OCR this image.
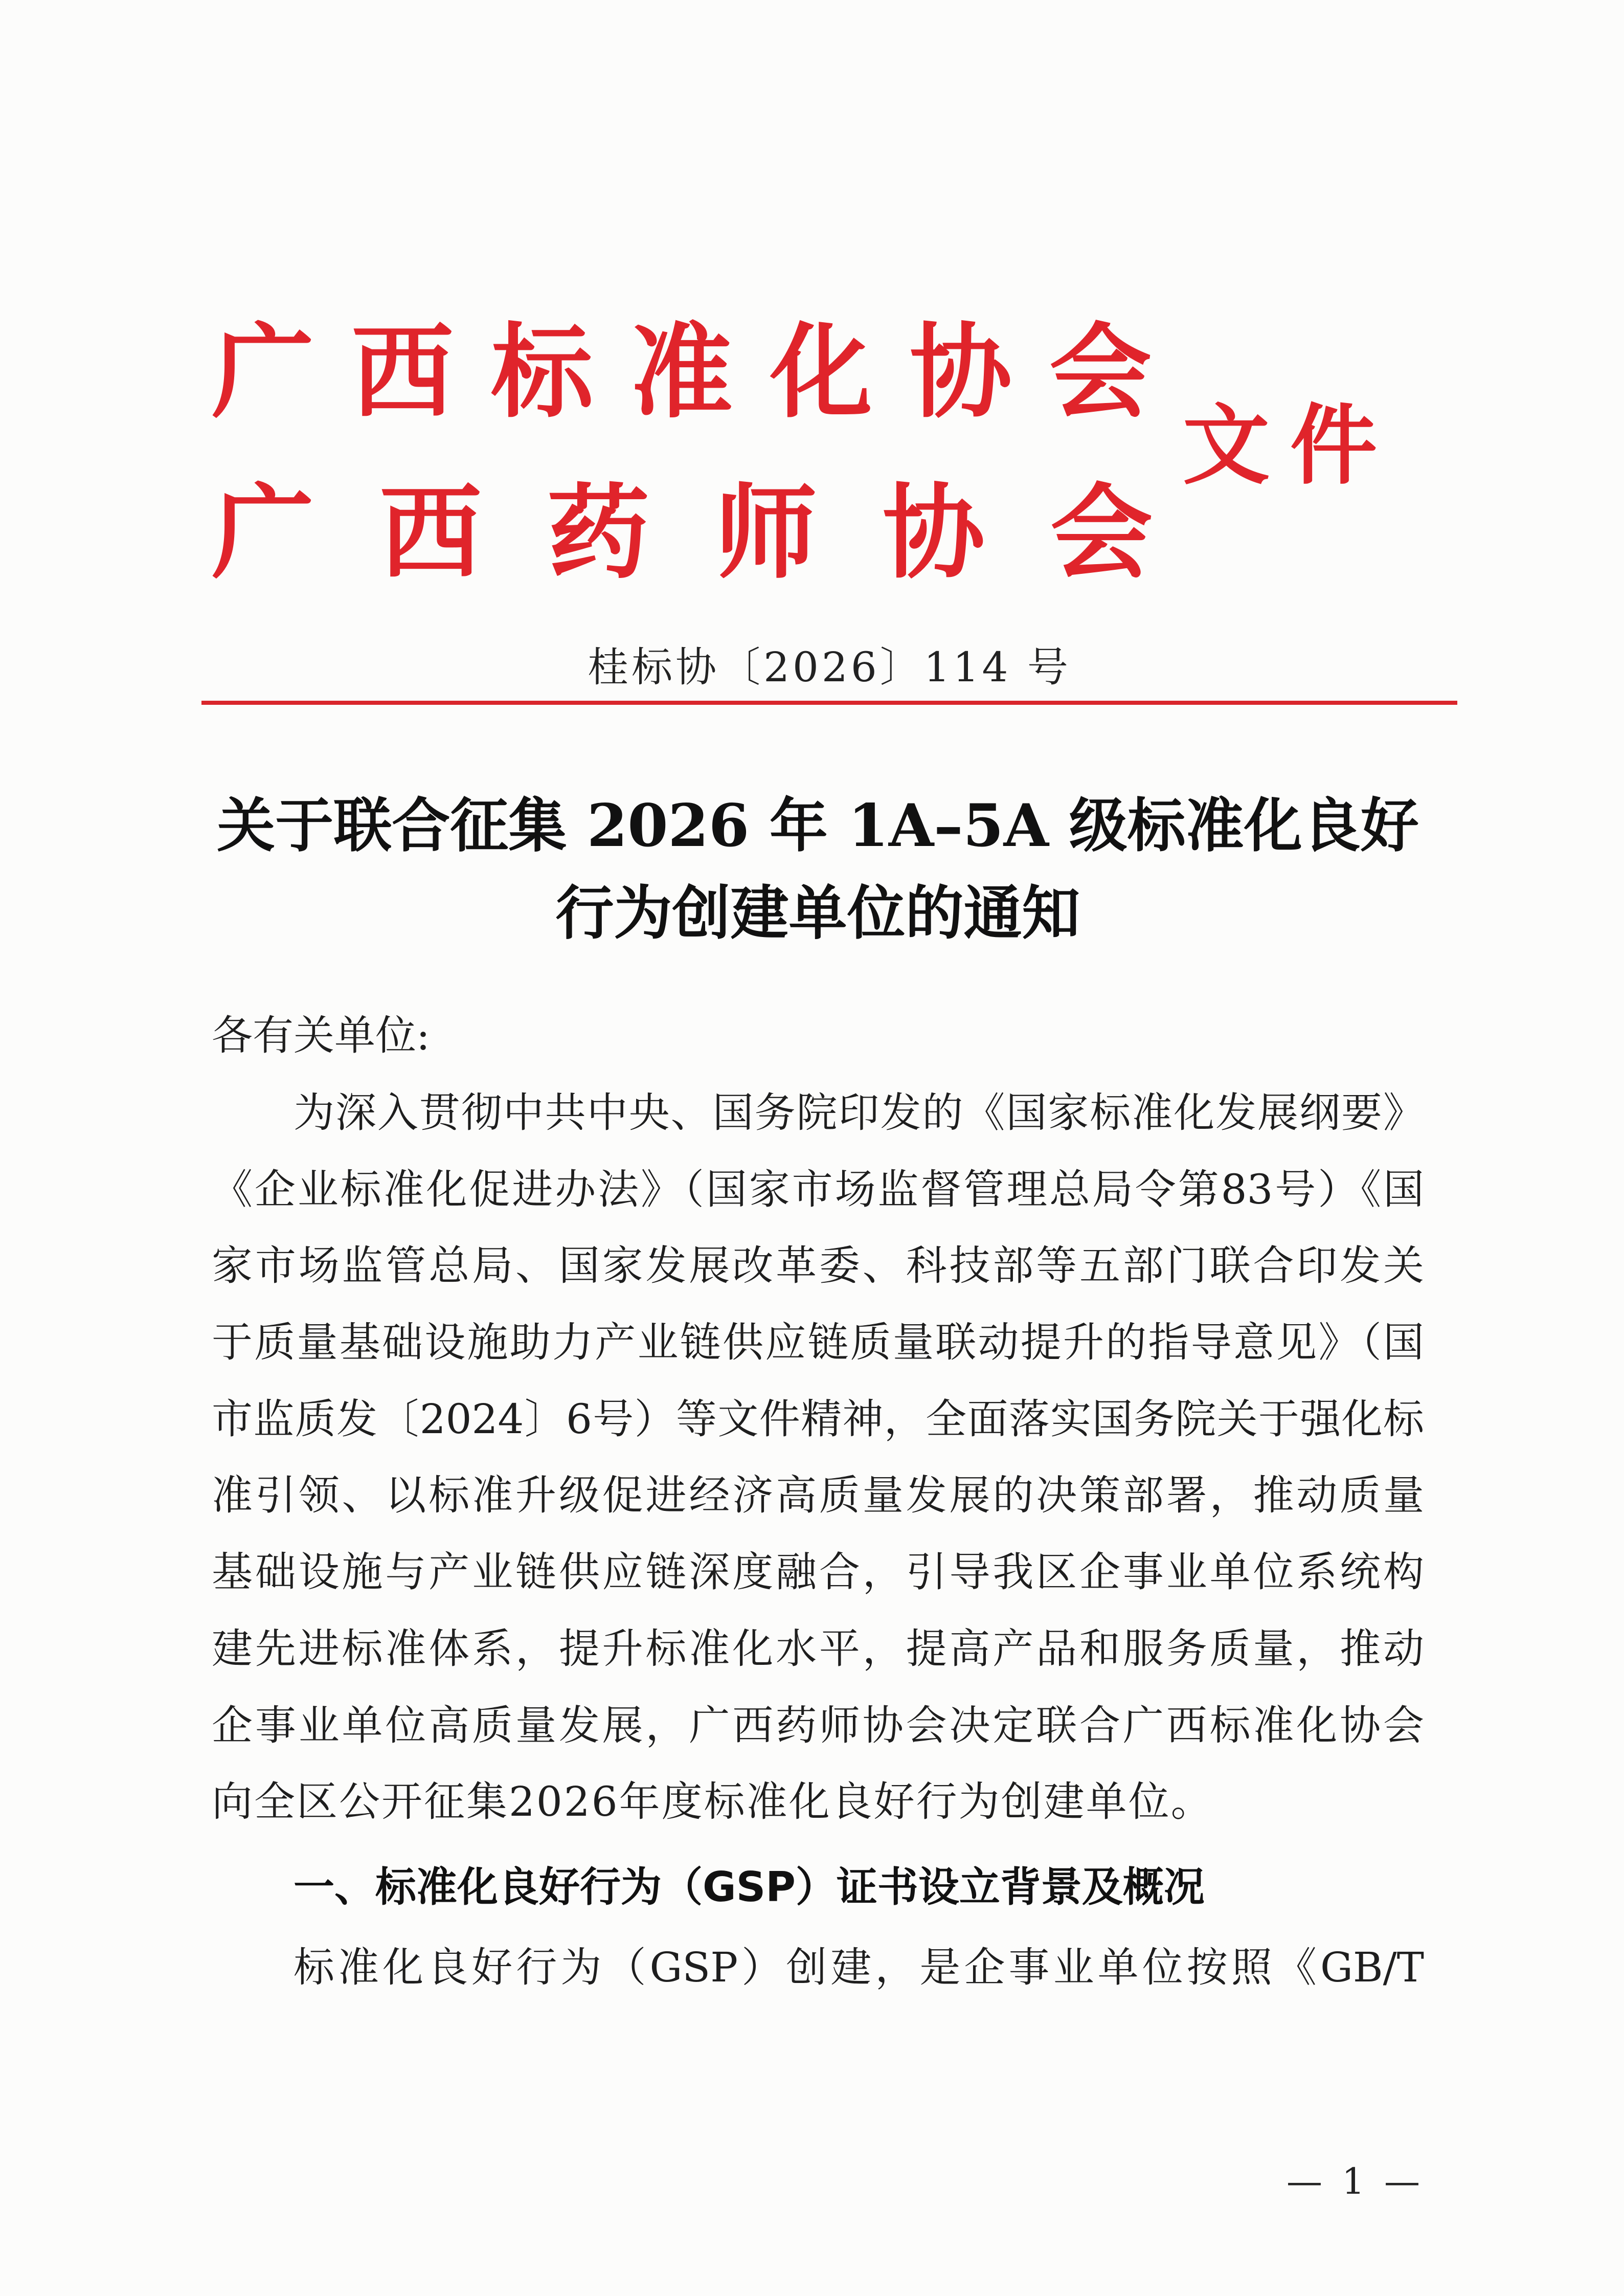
广西标准化协会
广西药师协会
文件
桂标协〔2026〕114 号
关于联合征集 2026 年 1A–5A 级标准化良好
行为创建单位的通知
各有关单位:
为深入贯彻中共中央、国务院印发的《国家标准化发展纲要》
《企业标准化促进办法》（国家市场监督管理总局令第83号）《国
家市场监管总局、国家发展改革委、科技部等五部门联合印发关
于质量基础设施助力产业链供应链质量联动提升的指导意见》（国
市监质发〔2024〕6号）等文件精神，全面落实国务院关于强化标
准引领、以标准升级促进经济高质量发展的决策部署，推动质量
基础设施与产业链供应链深度融合，引导我区企事业单位系统构
建先进标准体系，提升标准化水平，提高产品和服务质量，推动
企事业单位高质量发展，广西药师协会决定联合广西标准化协会
向全区公开征集2026年度标准化良好行为创建单位。
一、标准化良好行为（GSP）证书设立背景及概况
标准化良好行为（GSP）创建，是企事业单位按照《GB/T
— 1 —
